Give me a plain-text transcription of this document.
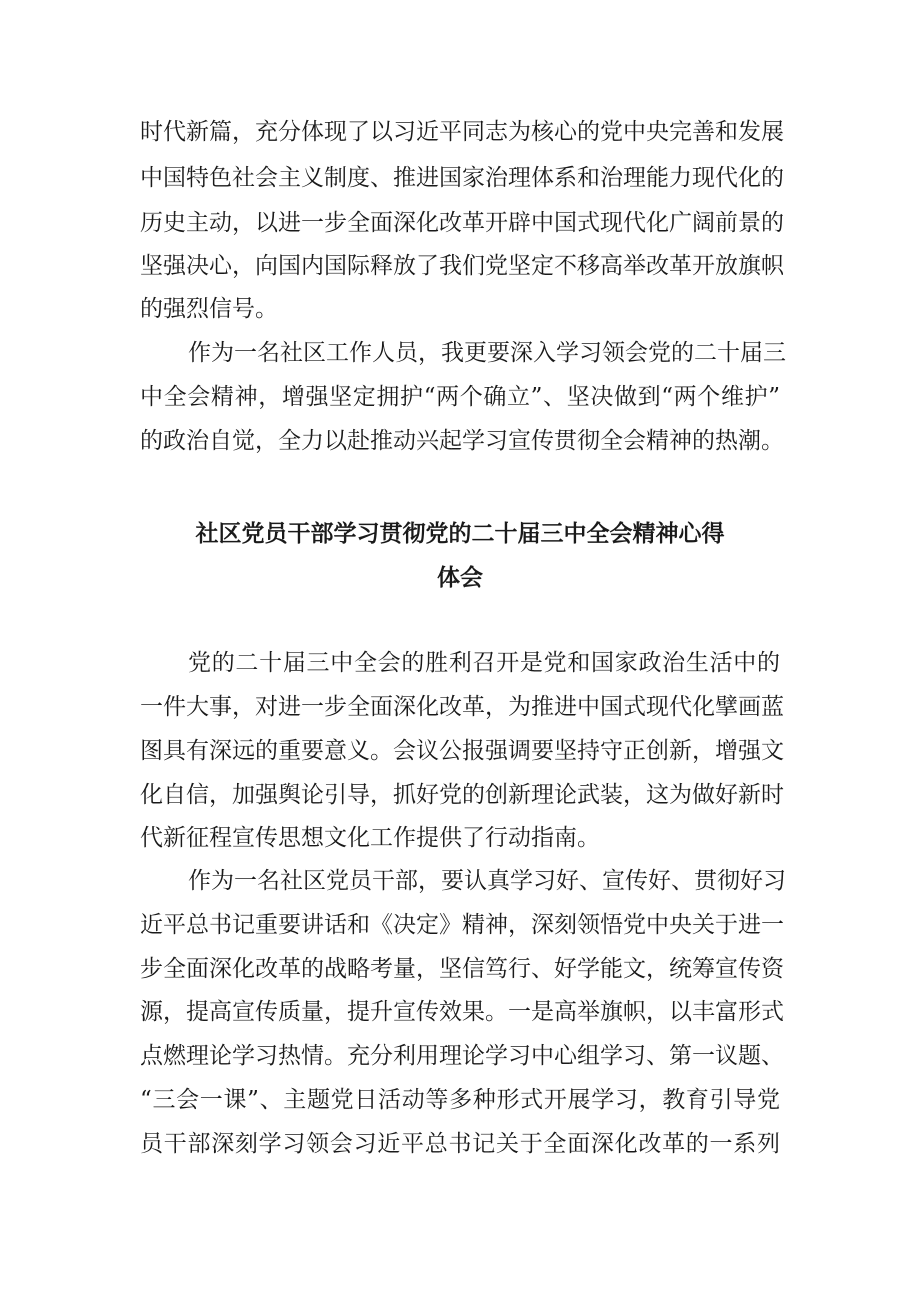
时代新篇，充分体现了以习近平同志为核心的党中央完善和发展

中国特色社会主义制度、推进国家治理体系和治理能力现代化的

历史主动，以进一步全面深化改革开辟中国式现代化广阔前景的

坚强决心，向国内国际释放了我们党坚定不移高举改革开放旗帜

的强烈信号。

作为一名社区工作人员，我更要深入学习领会党的二十届三

中全会精神，增强坚定拥护“两个确立”、坚决做到“两个维护”

的政治自觉，全力以赴推动兴起学习宣传贯彻全会精神的热潮。

社区党员干部学习贯彻党的二十届三中全会精神心得
体会

党的二十届三中全会的胜利召开是党和国家政治生活中的

一件大事，对进一步全面深化改革，为推进中国式现代化擘画蓝

图具有深远的重要意义。会议公报强调要坚持守正创新，增强文

化自信，加强舆论引导，抓好党的创新理论武装，这为做好新时

代新征程宣传思想文化工作提供了行动指南。

作为一名社区党员干部，要认真学习好、宣传好、贯彻好习

近平总书记重要讲话和《决定》精神，深刻领悟党中央关于进一

步全面深化改革的战略考量，坚信笃行、好学能文，统筹宣传资

源，提高宣传质量，提升宣传效果。一是高举旗帜，以丰富形式

点燃理论学习热情。充分利用理论学习中心组学习、第一议题、

“三会一课”、主题党日活动等多种形式开展学习，教育引导党

员干部深刻学习领会习近平总书记关于全面深化改革的一系列
